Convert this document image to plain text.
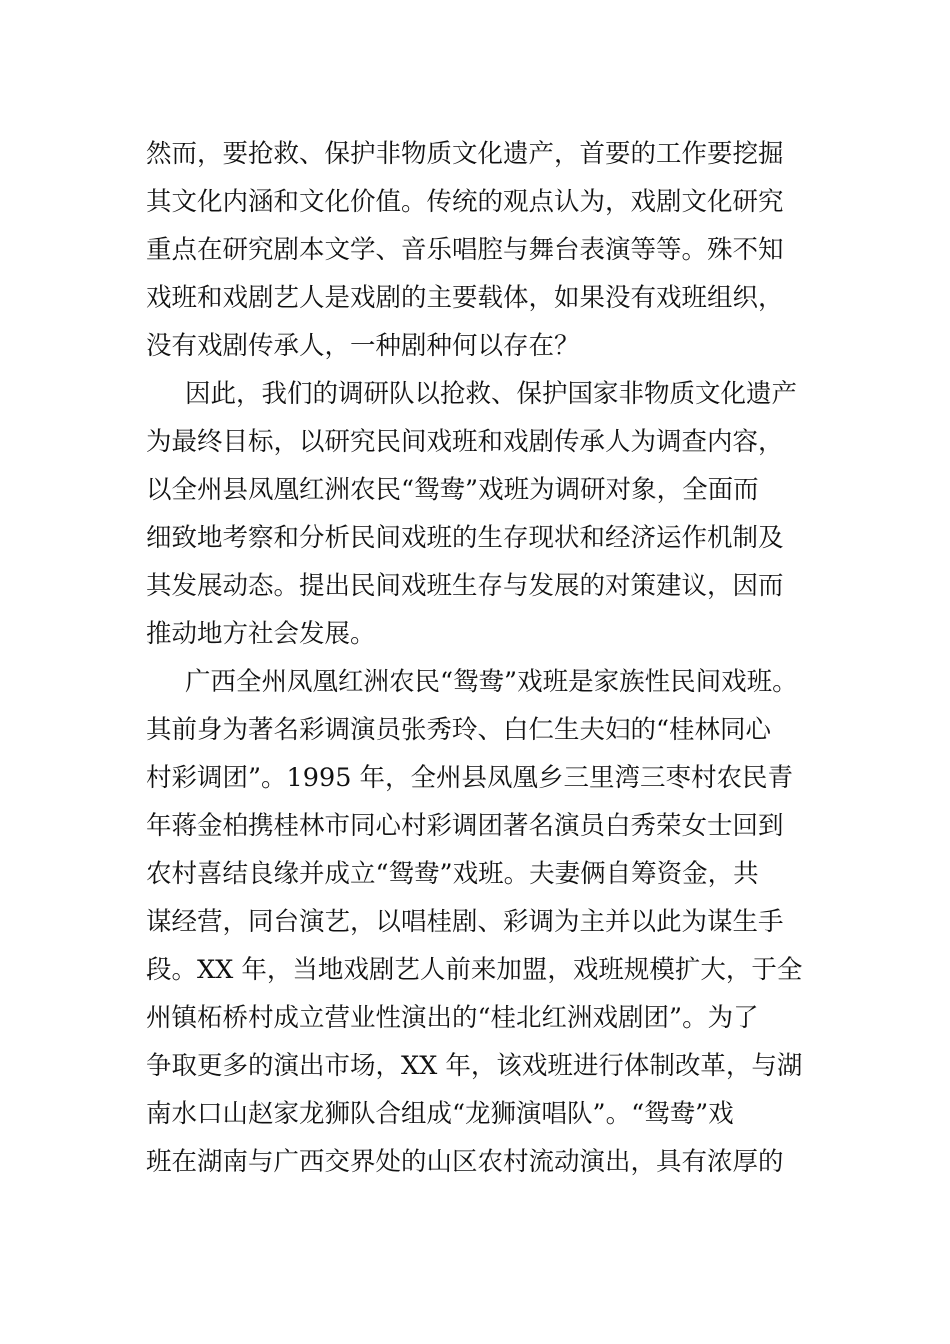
然而，要抢救、保护非物质文化遗产，首要的工作要挖掘
其文化内涵和文化价值。传统的观点认为，戏剧文化研究
重点在研究剧本文学、音乐唱腔与舞台表演等等。殊不知
戏班和戏剧艺人是戏剧的主要载体，如果没有戏班组织，
没有戏剧传承人，一种剧种何以存在？
因此，我们的调研队以抢救、保护国家非物质文化遗产
为最终目标，以研究民间戏班和戏剧传承人为调查内容，
以全州县凤凰红洲农民“鸳鸯”戏班为调研对象，全面而
细致地考察和分析民间戏班的生存现状和经济运作机制及
其发展动态。提出民间戏班生存与发展的对策建议，因而
推动地方社会发展。
广西全州凤凰红洲农民“鸳鸯”戏班是家族性民间戏班。
其前身为著名彩调演员张秀玲、白仁生夫妇的“桂林同心
村彩调团”。1995 年，全州县凤凰乡三里湾三枣村农民青
年蒋金柏携桂林市同心村彩调团著名演员白秀荣女士回到
农村喜结良缘并成立“鸳鸯”戏班。夫妻俩自筹资金，共
谋经营，同台演艺，以唱桂剧、彩调为主并以此为谋生手
段。XX 年，当地戏剧艺人前来加盟，戏班规模扩大，于全
州镇柘桥村成立营业性演出的“桂北红洲戏剧团”。为了
争取更多的演出市场，XX 年，该戏班进行体制改革，与湖
南水口山赵家龙狮队合组成“龙狮演唱队”。“鸳鸯”戏
班在湖南与广西交界处的山区农村流动演出，具有浓厚的
